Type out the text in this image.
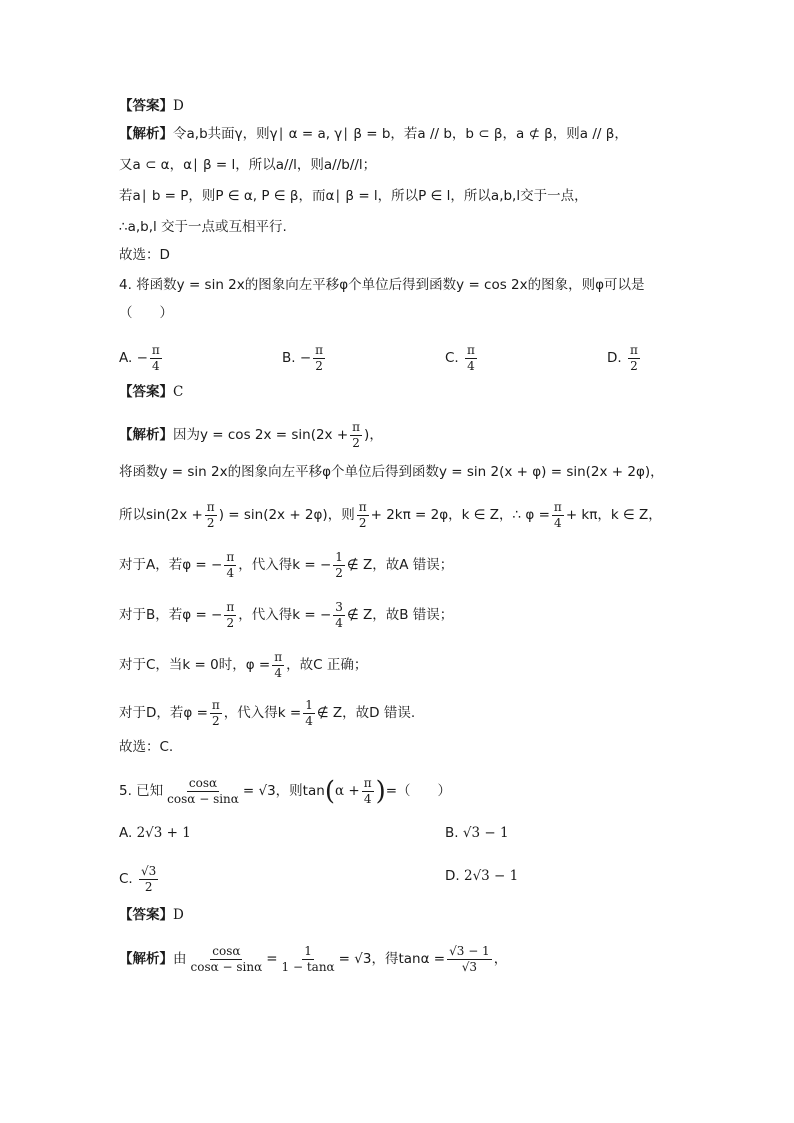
【答案】D
【解析】令a,b共面γ，则γ∣ α = a, γ∣ β = b，若a // b，b ⊂ β，a ⊄ β，则a // β，
又a ⊂ α，α∣ β = l，所以a//l，则a//b//l；
若a∣ b = P，则P ∈ α, P ∈ β，而α∣ β = l，所以P ∈ l，所以a,b,l交于一点，
∴a,b,l 交于一点或互相平行.
故选：D
4. 将函数y = sin 2x的图象向左平移φ个单位后得到函数y = cos 2x的图象，则φ可以是
（　　）
A. − $\frac{\pi}{4}$	B. − $\frac{\pi}{2}$	C. $\frac{\pi}{4}$	D. $\frac{\pi}{2}$
【答案】C
【解析】因为$y = \cos 2x = \sin(2x + \frac{\pi}{2}$ )，
将函数y = sin 2x的图象向左平移φ个单位后得到函数y = sin 2(x + φ) = sin(2x + 2φ)，
所以$\sin(2x + \frac{\pi}{2}$ ) = sin(2x + 2φ)，则 $\frac{\pi}{2} + 2k\pi = 2\varphi$，k ∈ Z，∴ $\varphi = \frac{\pi}{4} + k\pi$，k ∈ Z，
对于A，若φ = − $\frac{\pi}{4}$ ，代入得k = − $\frac{1}{2}$ ∉ Z，故A 错误；
对于B，若φ = − $\frac{\pi}{2}$ ，代入得k = − $\frac{3}{4}$ ∉ Z，故B 错误；
对于C，当k = 0时，$\varphi = \frac{\pi}{4}$ ，故C 正确；
对于D，若$\varphi = \frac{\pi}{2}$ ，代入得$k = \frac{1}{4}$ ∉ Z，故D 错误.
故选：C.
5. 已知 $\frac{\cos\alpha}{\cos\alpha - \sin\alpha} = √3$，则$\tan(\alpha + \frac{\pi}{4}$ )=（　　）
A. 2√3 + 1	B. √3 − 1
C. $\frac{√3}{2}$	D. 2√3 − 1
【答案】D
【解析】由 $\frac{\cos\alpha}{\cos\alpha - \sin\alpha} = \frac{1}{1 - \tan\alpha} = √3$，得$\tan\alpha = \frac{√3 - 1}{√3}$ ，
